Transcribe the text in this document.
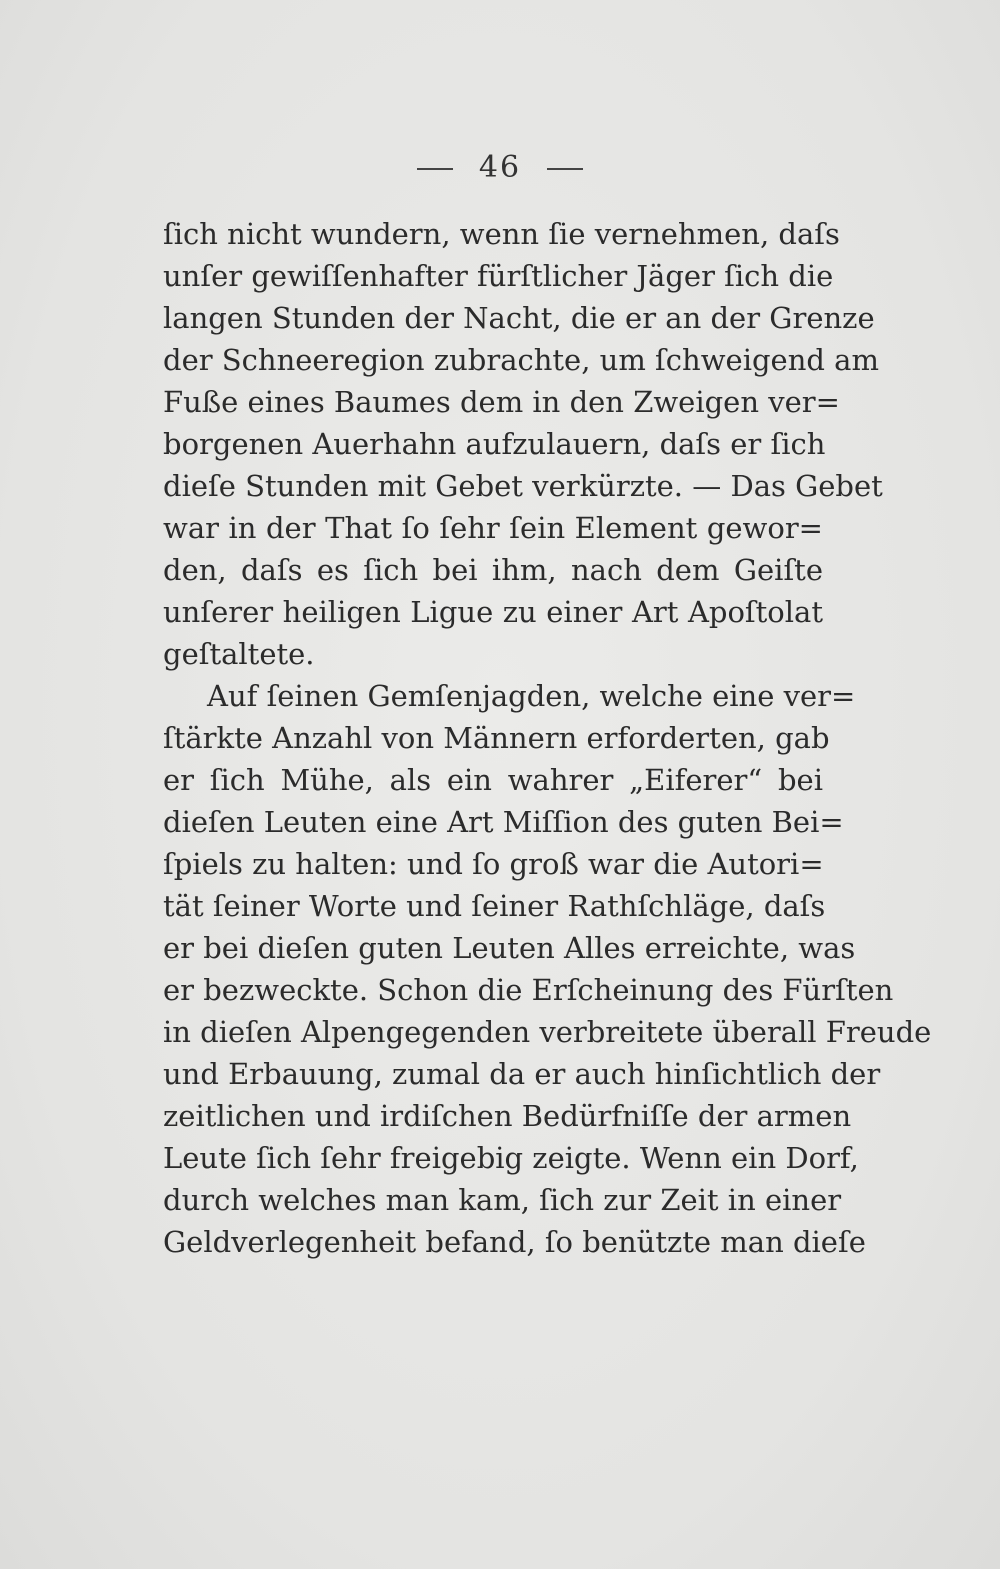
46
ſich nicht wundern, wenn ſie vernehmen, daſs
unſer gewiſſenhafter fürſtlicher Jäger ſich die
langen Stunden der Nacht, die er an der Grenze
der Schneeregion zubrachte, um ſchweigend am
Fuße eines Baumes dem in den Zweigen ver=
borgenen Auerhahn aufzulauern, daſs er ſich
dieſe Stunden mit Gebet verkürzte. — Das Gebet
war in der That ſo ſehr ſein Element gewor=
den, daſs es ſich bei ihm, nach dem Geiſte
unſerer heiligen Ligue zu einer Art Apoſtolat
geſtaltete.
Auf ſeinen Gemſenjagden, welche eine ver=
ſtärkte Anzahl von Männern erforderten, gab
er ſich Mühe, als ein wahrer „Eiferer“ bei
dieſen Leuten eine Art Miſſion des guten Bei=
ſpiels zu halten: und ſo groß war die Autori=
tät ſeiner Worte und ſeiner Rathſchläge, daſs
er bei dieſen guten Leuten Alles erreichte, was
er bezweckte. Schon die Erſcheinung des Fürſten
in dieſen Alpengegenden verbreitete überall Freude
und Erbauung, zumal da er auch hinſichtlich der
zeitlichen und irdiſchen Bedürfniſſe der armen
Leute ſich ſehr freigebig zeigte. Wenn ein Dorf,
durch welches man kam, ſich zur Zeit in einer
Geldverlegenheit befand, ſo benützte man dieſe
